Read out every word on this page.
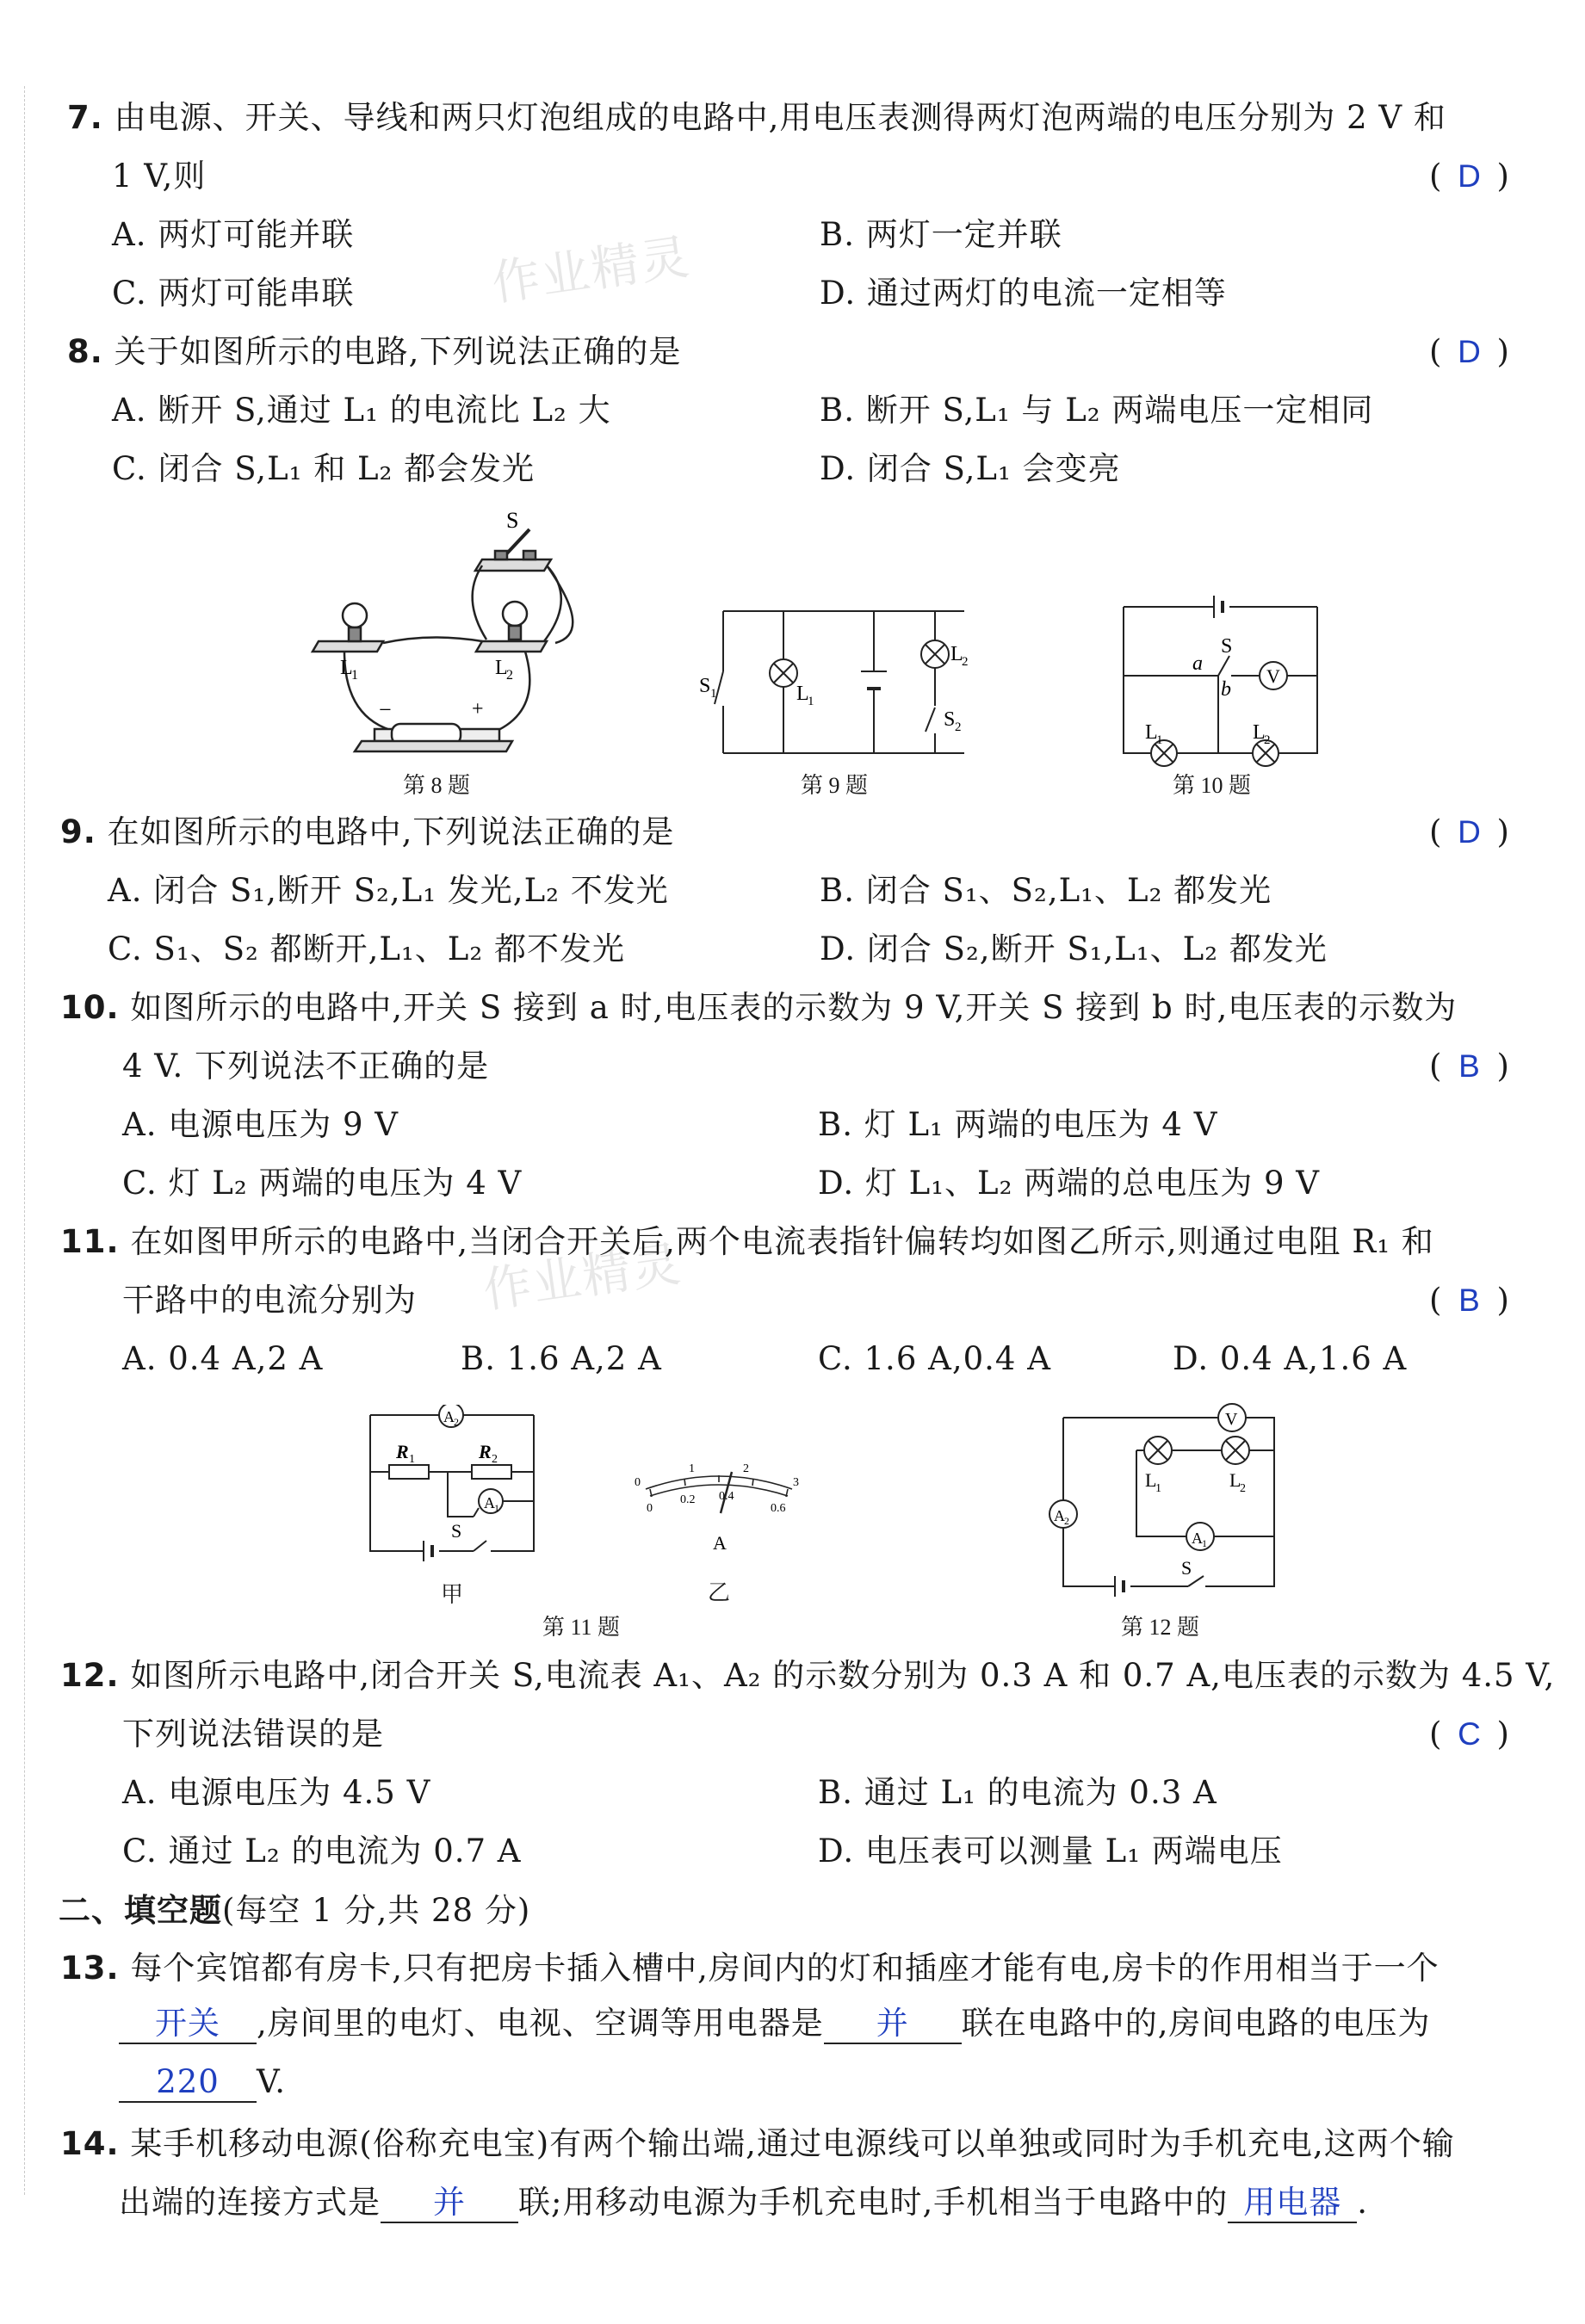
作业精灵
作业精灵
7. 由电源、开关、导线和两只灯泡组成的电路中,用电压表测得两灯泡两端的电压分别为 2 V 和
1 V,则	( D )
A. 两灯可能并联	B. 两灯一定并联
C. 两灯可能串联	D. 通过两灯的电流一定相等
8. 关于如图所示的电路,下列说法正确的是	( D )
A. 断开 S,通过 L₁ 的电流比 L₂ 大	B. 断开 S,L₁ 与 L₂ 两端电压一定相同
C. 闭合 S,L₁ 和 L₂ 都会发光	D. 闭合 S,L₁ 会变亮
S
L
1	L
2
−	+
第 8 题
S 1	L
1
L
2
S 2
第 9 题
V
a
S
b
L
1	L
2
第 10 题
9. 在如图所示的电路中,下列说法正确的是	( D )
A. 闭合 S₁,断开 S₂,L₁ 发光,L₂ 不发光	B. 闭合 S₁、S₂,L₁、L₂ 都发光
C. S₁、S₂ 都断开,L₁、L₂ 都不发光	D. 闭合 S₂,断开 S₁,L₁、L₂ 都发光
10. 如图所示的电路中,开关 S 接到 a 时,电压表的示数为 9 V,开关 S 接到 b 时,电压表的示数为
4 V. 下列说法不正确的是	( B )
A. 电源电压为 9 V	B. 灯 L₁ 两端的电压为 4 V
C. 灯 L₂ 两端的电压为 4 V	D. 灯 L₁、L₂ 两端的总电压为 9 V
11. 在如图甲所示的电路中,当闭合开关后,两个电流表指针偏转均如图乙所示,则通过电阻 R₁ 和
干路中的电流分别为	( B )
A. 0.4 A,2 A	B. 1.6 A,2 A	C. 1.6 A,0.4 A	D. 0.4 A,1.6 A
A 2
A 1
R 1	R 2
S
甲
0
1	2
3
0
0.2 0.4
0.6
A
乙
第 11 题
V
A 2
A 1
L
1	L
2
S
第 12 题
12. 如图所示电路中,闭合开关 S,电流表 A₁、A₂ 的示数分别为 0.3 A 和 0.7 A,电压表的示数为 4.5 V,
下列说法错误的是	( C )
A. 电源电压为 4.5 V	B. 通过 L₁ 的电流为 0.3 A
C. 通过 L₂ 的电流为 0.7 A	D. 电压表可以测量 L₁ 两端电压
二、填空题(每空 1 分,共 28 分)
13. 每个宾馆都有房卡,只有把房卡插入槽中,房间内的灯和插座才能有电,房卡的作用相当于一个
开关 ,房间里的电灯、电视、空调等用电器是 并 联在电路中的,房间电路的电压为
220 V.
14. 某手机移动电源(俗称充电宝)有两个输出端,通过电源线可以单独或同时为手机充电,这两个输
出端的连接方式是 并 联;用移动电源为手机充电时,手机相当于电路中的 用电器 .
